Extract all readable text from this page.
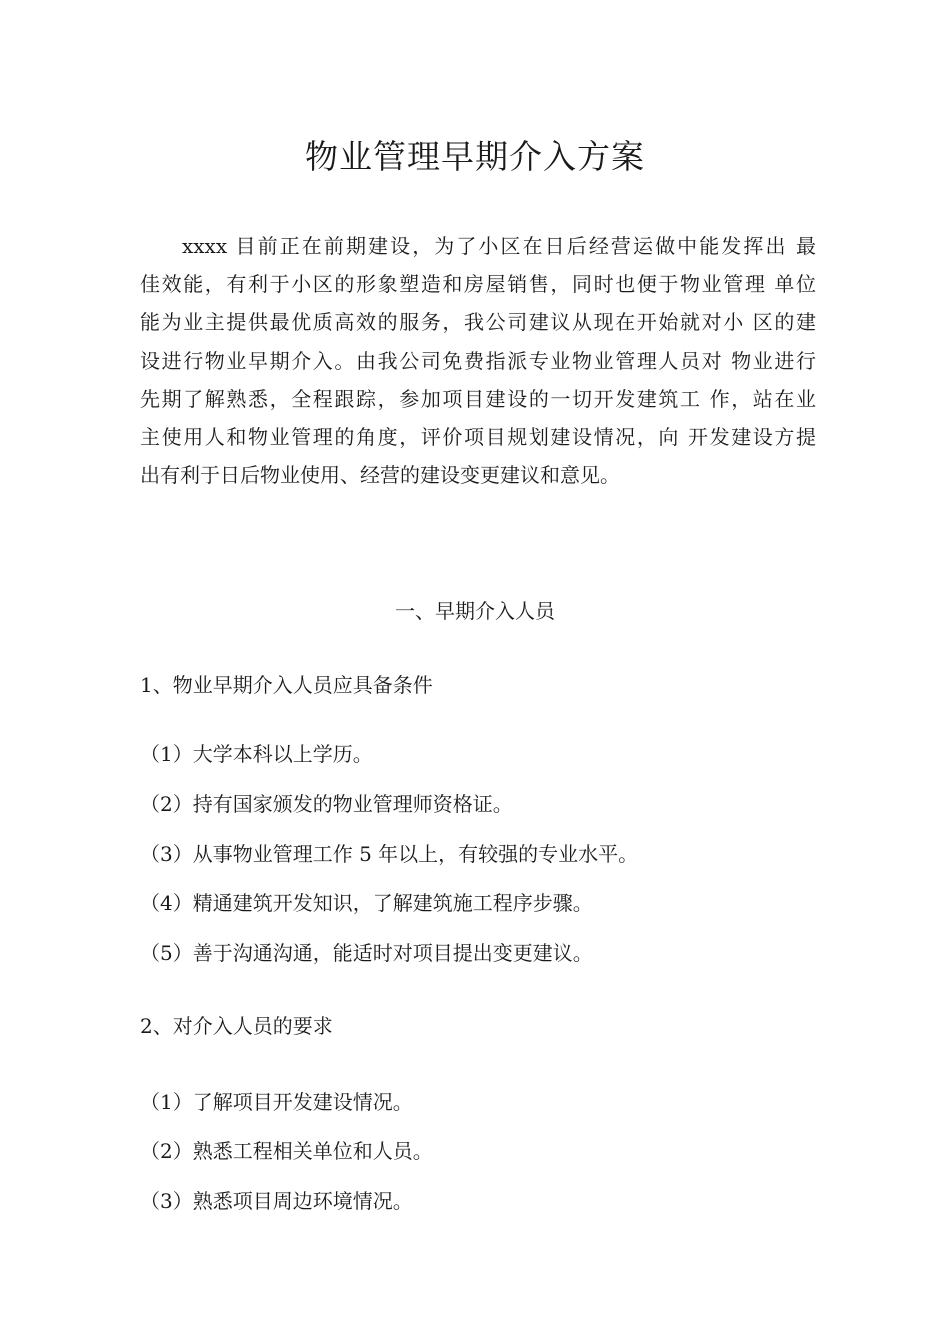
物业管理早期介入方案
xxxx 目前正在前期建设，为了小区在日后经营运做中能发挥出 最
佳效能，有利于小区的形象塑造和房屋销售，同时也便于物业管理 单位
能为业主提供最优质高效的服务，我公司建议从现在开始就对小 区的建
设进行物业早期介入。由我公司免费指派专业物业管理人员对 物业进行
先期了解熟悉，全程跟踪，参加项目建设的一切开发建筑工 作，站在业
主使用人和物业管理的角度，评价项目规划建设情况，向 开发建设方提
出有利于日后物业使用、经营的建设变更建议和意见。
一、早期介入人员
1、物业早期介入人员应具备条件
（1）大学本科以上学历。
（2）持有国家颁发的物业管理师资格证。
（3）从事物业管理工作 5 年以上，有较强的专业水平。
（4）精通建筑开发知识，了解建筑施工程序步骤。
（5）善于沟通沟通，能适时对项目提出变更建议。
2、对介入人员的要求
（1）了解项目开发建设情况。
（2）熟悉工程相关单位和人员。
（3）熟悉项目周边环境情况。
